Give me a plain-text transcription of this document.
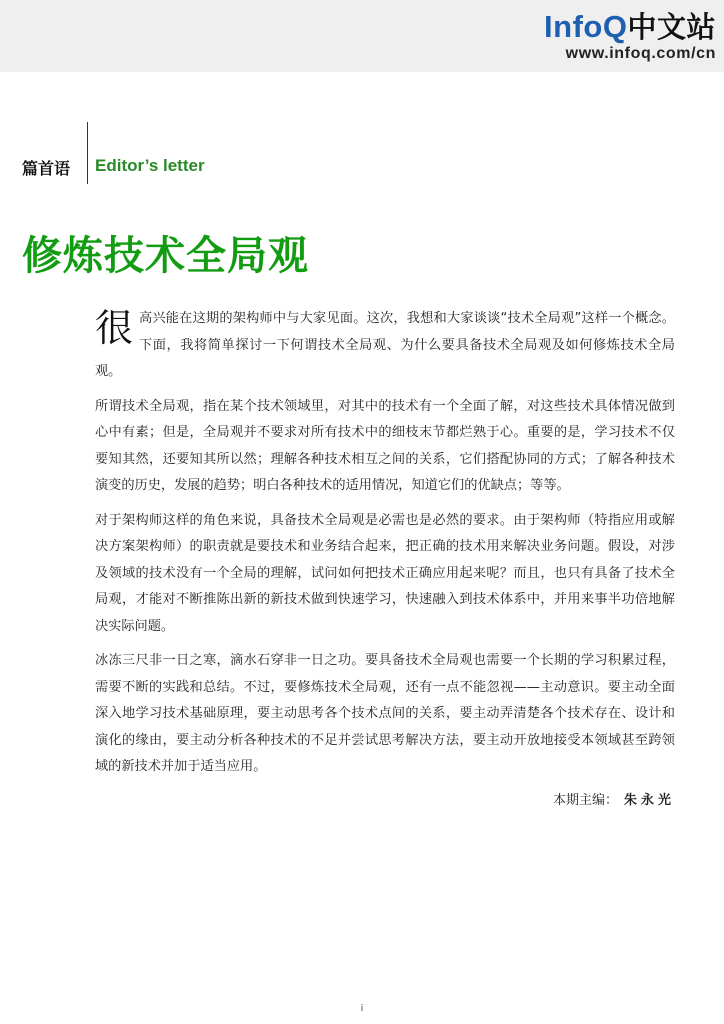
InfoQ中文站
www.infoq.com/cn
篇首语 Editor’s letter
修炼技术全局观

很高兴能在这期的架构师中与大家见面。这次，我想和大家谈谈“技术全局观”这样一个概念。下面，我将简单探讨一下何谓技术全局观、为什么要具备技术全局观及如何修炼技术全局观。

所谓技术全局观，指在某个技术领域里，对其中的技术有一个全面了解，对这些技术具体情况做到心中有素；但是，全局观并不要求对所有技术中的细枝末节都烂熟于心。重要的是，学习技术不仅要知其然，还要知其所以然；理解各种技术相互之间的关系，它们搭配协同的方式；了解各种技术演变的历史，发展的趋势；明白各种技术的适用情况，知道它们的优缺点；等等。

对于架构师这样的角色来说，具备技术全局观是必需也是必然的要求。由于架构师（特指应用或解决方案架构师）的职责就是要技术和业务结合起来，把正确的技术用来解决业务问题。假设，对涉及领域的技术没有一个全局的理解，试问如何把技术正确应用起来呢？而且，也只有具备了技术全局观，才能对不断推陈出新的新技术做到快速学习，快速融入到技术体系中，并用来事半功倍地解决实际问题。

冰冻三尺非一日之寒，滴水石穿非一日之功。要具备技术全局观也需要一个长期的学习积累过程，需要不断的实践和总结。不过，要修炼技术全局观，还有一点不能忽视——主动意识。要主动全面深入地学习技术基础原理，要主动思考各个技术点间的关系，要主动弄清楚各个技术存在、设计和演化的缘由，要主动分析各种技术的不足并尝试思考解决方法，要主动开放地接受本领域甚至跨领域的新技术并加于适当应用。

本期主编： 朱永光
i
